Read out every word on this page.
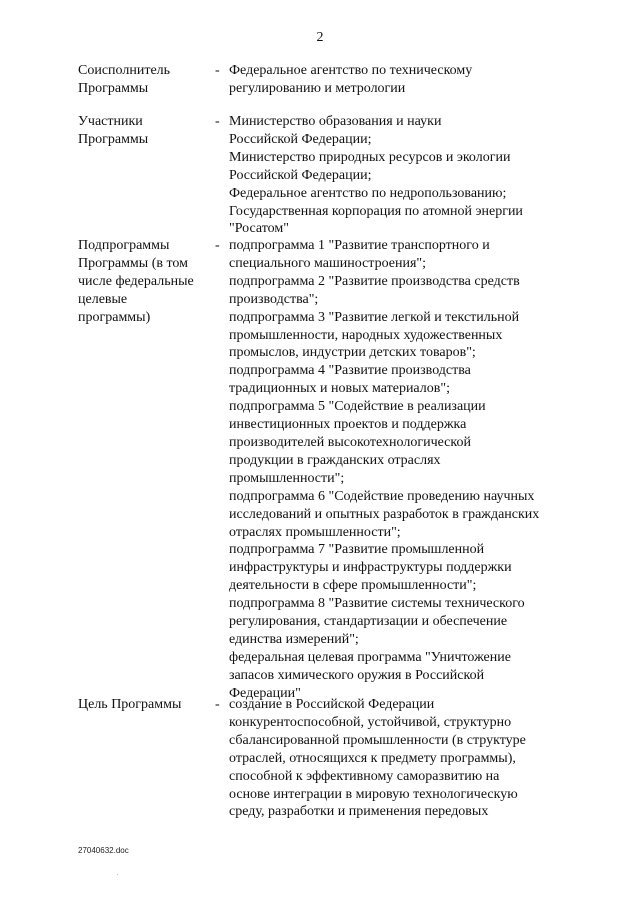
2
Соисполнитель
Программы
- Федеральное агентство по техническому
регулированию и метрологии
Участники
Программы
- Министерство образования и науки
Российской Федерации;
Министерство природных ресурсов и экологии
Российской Федерации;
Федеральное агентство по недропользованию;
Государственная корпорация по атомной энергии
"Росатом"
Подпрограммы
Программы (в том
числе федеральные
целевые
программы)
- подпрограмма 1 "Развитие транспортного и
специального машиностроения";
подпрограмма 2 "Развитие производства средств
производства";
подпрограмма 3 "Развитие легкой и текстильной
промышленности, народных художественных
промыслов, индустрии детских товаров";
подпрограмма 4 "Развитие производства
традиционных и новых материалов";
подпрограмма 5 "Содействие в реализации
инвестиционных проектов и поддержка
производителей высокотехнологической
продукции в гражданских отраслях
промышленности";
подпрограмма 6 "Содействие проведению научных
исследований и опытных разработок в гражданских
отраслях промышленности";
подпрограмма 7 "Развитие промышленной
инфраструктуры и инфраструктуры поддержки
деятельности в сфере промышленности";
подпрограмма 8 "Развитие системы технического
регулирования, стандартизации и обеспечение
единства измерений";
федеральная целевая программа "Уничтожение
запасов химического оружия в Российской
Федерации"
Цель Программы	- создание в Российской Федерации
конкурентоспособной, устойчивой, структурно
сбалансированной промышленности (в структуре
отраслей, относящихся к предмету программы),
способной к эффективному саморазвитию на
основе интеграции в мировую технологическую
среду, разработки и применения передовых
27040632.doc
.
